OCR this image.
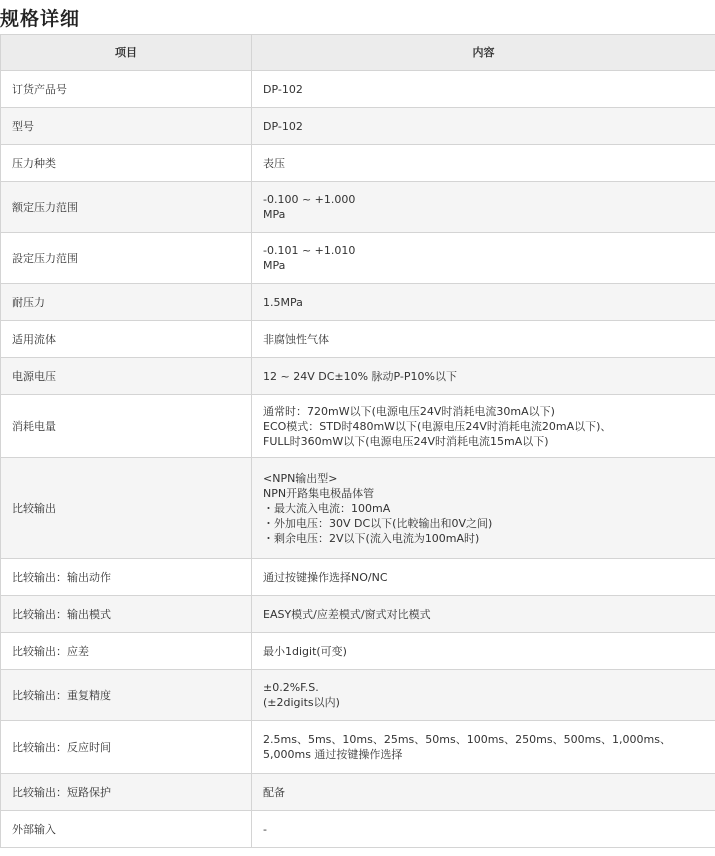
规格详细
项目	内容
订货产品号	DP-102

型号	DP-102

压力种类	表压

额定压力范围	-0.100 ~ +1.000
MPa

設定压力范围	-0.101 ~ +1.010
MPa

耐压力	1.5MPa

适用流体	非腐蚀性气体

电源电压	12 ~ 24V DC±10% 脉动P-P10%以下

消耗电量	通常时：720mW以下(电源电压24V时消耗电流30mA以下)
ECO模式：STD时480mW以下(电源电压24V时消耗电流20mA以下)、
FULL时360mW以下(电源电压24V时消耗电流15mA以下)

比较输出	<NPN输出型>
NPN开路集电极晶体管
・最大流入电流：100mA
・外加电压：30V DC以下(比較输出和0V之间)
・剩余电压：2V以下(流入电流为100mA时)

比较输出：输出动作	通过按键操作选择NO/NC

比较输出：输出模式	EASY模式/应差模式/窗式对比模式

比较输出：应差	最小1digit(可变)

比较输出：重复精度	±0.2%F.S.
(±2digits以内)

比较输出：反应时间	2.5ms、5ms、10ms、25ms、50ms、100ms、250ms、500ms、1,000ms、
5,000ms 通过按键操作选择

比较输出：短路保护	配备

外部输入	-
